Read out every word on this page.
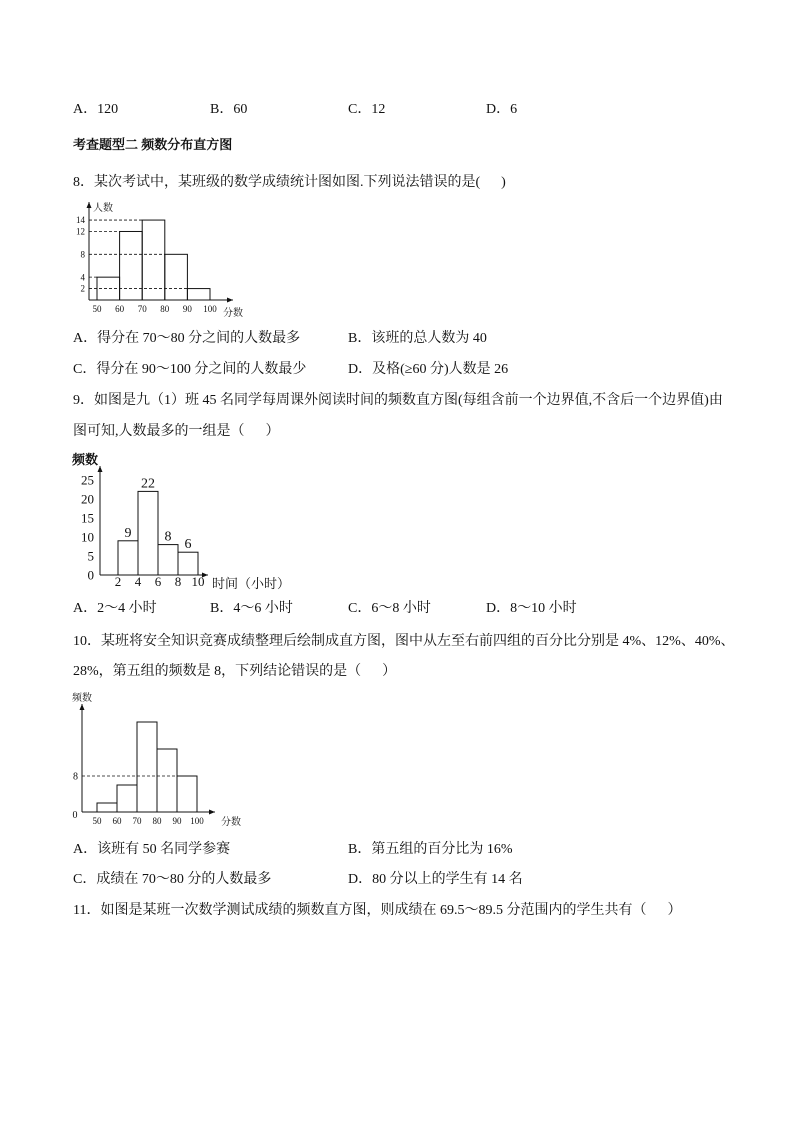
A．120	B．60	C．12	D．6
考查题型二 频数分布直方图
8．某次考试中，某班级的数学成绩统计图如图.下列说法错误的是(      )
14
12
8
4
2
50 60 70 80 90 100
人数
分数
A．得分在 70～80 分之间的人数最多	B．该班的总人数为 40
C．得分在 90～100 分之间的人数最少	D．及格(≥60 分)人数是 26
9．如图是九（1）班 45 名同学每周课外阅读时间的频数直方图(每组含前一个边界值,不含后一个边界值)由
图可知,人数最多的一组是（      ）
0
5
10
15
20
25
2 4 6 8 10
9
22
8
6
频数
时间（小时）
A．2～4 小时	B．4～6 小时	C．6～8 小时	D．8～10 小时
10．某班将安全知识竞赛成绩整理后绘制成直方图，图中从左至右前四组的百分比分别是 4%、12%、40%、
28%，第五组的频数是 8，下列结论错误的是（      ）
8
50 60 70 80 90 100
频数
分数
0
A．该班有 50 名同学参赛	B．第五组的百分比为 16%
C．成绩在 70～80 分的人数最多	D．80 分以上的学生有 14 名
11．如图是某班一次数学测试成绩的频数直方图，则成绩在 69.5～89.5 分范围内的学生共有（      ）
